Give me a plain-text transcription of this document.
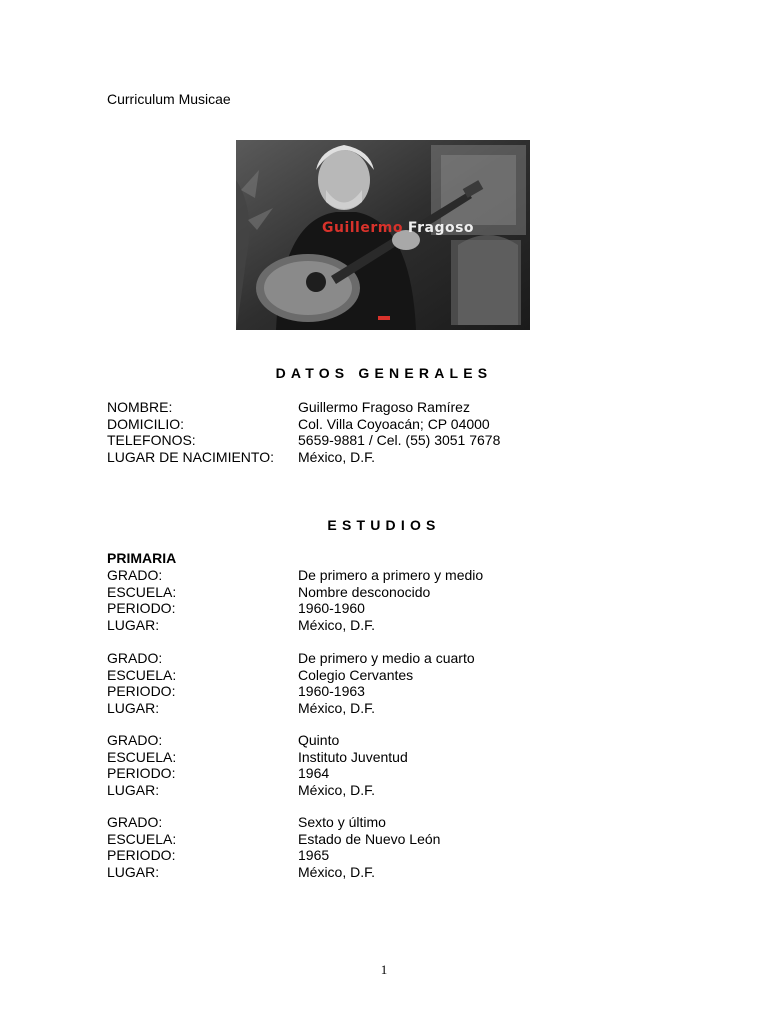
Curriculum Musicae

Guillermo Fragoso

DATOS GENERALES

NOMBRE:	Guillermo Fragoso Ramírez
DOMICILIO:	Col. Villa Coyoacán; CP 04000
TELEFONOS:	5659-9881 / Cel. (55) 3051 7678
LUGAR DE NACIMIENTO:	México, D.F.

ESTUDIOS

PRIMARIA

GRADO:	De primero a primero y medio
ESCUELA:	Nombre desconocido
PERIODO:	1960-1960
LUGAR:	México, D.F.
GRADO:	De primero y medio a cuarto
ESCUELA:	Colegio Cervantes
PERIODO:	1960-1963
LUGAR:	México, D.F.
GRADO:	Quinto
ESCUELA:	Instituto Juventud
PERIODO:	1964
LUGAR:	México, D.F.
GRADO:	Sexto y último
ESCUELA:	Estado de Nuevo León
PERIODO:	1965
LUGAR:	México, D.F.
1
